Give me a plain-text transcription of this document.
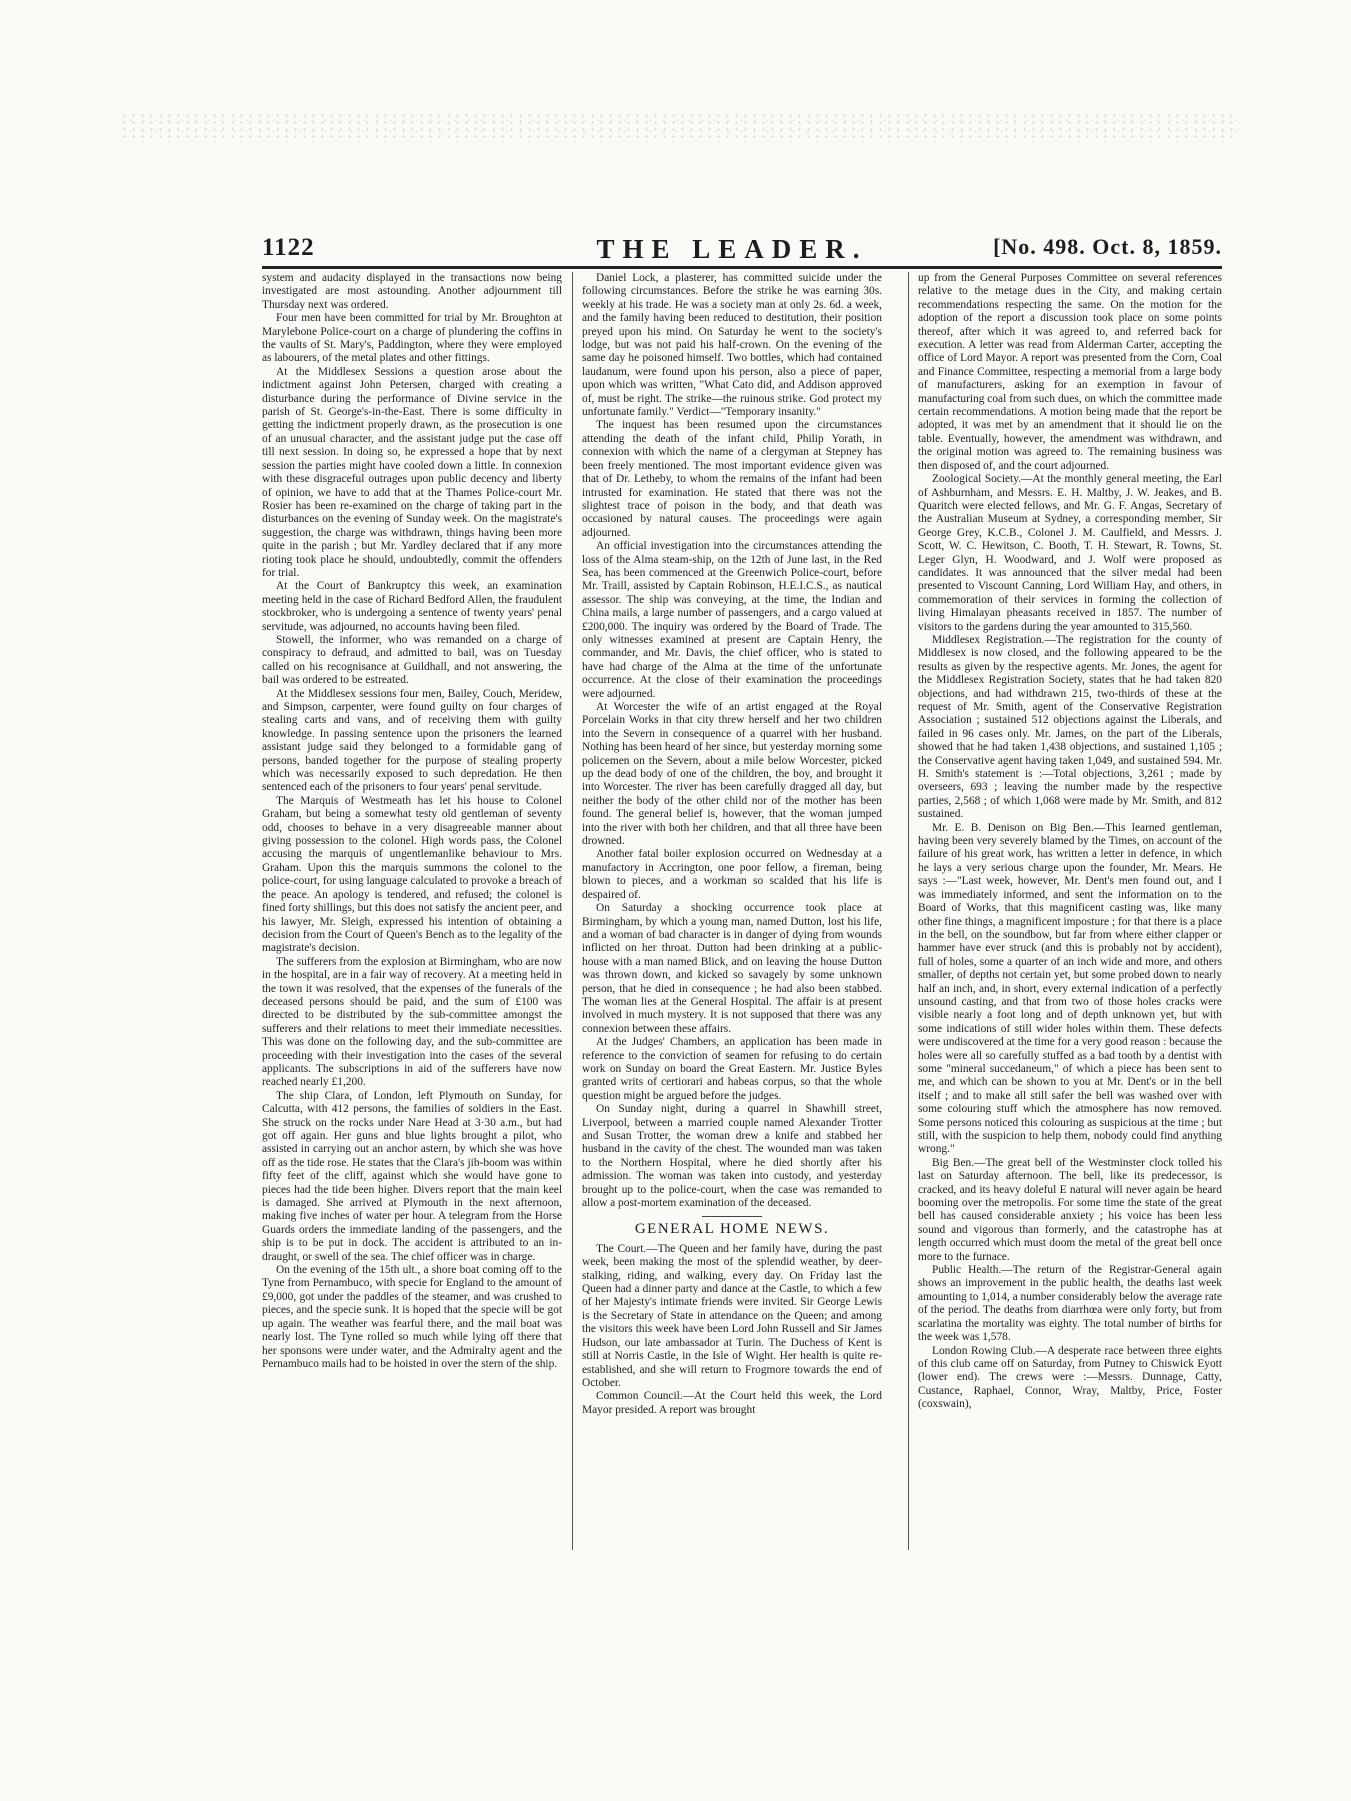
1122	THE LEADER.	[No. 498. Oct. 8, 1859.

system and audacity displayed in the transactions now being investigated are most astounding. Another adjournment till Thursday next was ordered.

Four men have been committed for trial by Mr. Broughton at Marylebone Police-court on a charge of plundering the coffins in the vaults of St. Mary's, Paddington, where they were employed as labourers, of the metal plates and other fittings.

At the Middlesex Sessions a question arose about the indictment against John Petersen, charged with creating a disturbance during the performance of Divine service in the parish of St. George's-in-the-East. There is some difficulty in getting the indictment properly drawn, as the prosecution is one of an unusual character, and the assistant judge put the case off till next session. In doing so, he expressed a hope that by next session the parties might have cooled down a little. In connexion with these disgraceful outrages upon public decency and liberty of opinion, we have to add that at the Thames Police-court Mr. Rosier has been re-examined on the charge of taking part in the disturbances on the evening of Sunday week. On the magistrate's suggestion, the charge was withdrawn, things having been more quite in the parish ; but Mr. Yardley declared that if any more rioting took place he should, undoubtedly, commit the offenders for trial.

At the Court of Bankruptcy this week, an examination meeting held in the case of Richard Bedford Allen, the fraudulent stockbroker, who is undergoing a sentence of twenty years' penal servitude, was adjourned, no accounts having been filed.

Stowell, the informer, who was remanded on a charge of conspiracy to defraud, and admitted to bail, was on Tuesday called on his recognisance at Guildhall, and not answering, the bail was ordered to be estreated.

At the Middlesex sessions four men, Bailey, Couch, Meridew, and Simpson, carpenter, were found guilty on four charges of stealing carts and vans, and of receiving them with guilty knowledge. In passing sentence upon the prisoners the learned assistant judge said they belonged to a formidable gang of persons, banded together for the purpose of stealing property which was necessarily exposed to such depredation. He then sentenced each of the prisoners to four years' penal servitude.

The Marquis of Westmeath has let his house to Colonel Graham, but being a somewhat testy old gentleman of seventy odd, chooses to behave in a very disagreeable manner about giving possession to the colonel. High words pass, the Colonel accusing the marquis of ungentlemanlike behaviour to Mrs. Graham. Upon this the marquis summons the colonel to the police-court, for using language calculated to provoke a breach of the peace. An apology is tendered, and refused; the colonel is fined forty shillings, but this does not satisfy the ancient peer, and his lawyer, Mr. Sleigh, expressed his intention of obtaining a decision from the Court of Queen's Bench as to the legality of the magistrate's decision.

The sufferers from the explosion at Birmingham, who are now in the hospital, are in a fair way of recovery. At a meeting held in the town it was resolved, that the expenses of the funerals of the deceased persons should be paid, and the sum of £100 was directed to be distributed by the sub-committee amongst the sufferers and their relations to meet their immediate necessities. This was done on the following day, and the sub-committee are proceeding with their investigation into the cases of the several applicants. The subscriptions in aid of the sufferers have now reached nearly £1,200.

The ship Clara, of London, left Plymouth on Sunday, for Calcutta, with 412 persons, the families of soldiers in the East. She struck on the rocks under Nare Head at 3·30 a.m., but had got off again. Her guns and blue lights brought a pilot, who assisted in carrying out an anchor astern, by which she was hove off as the tide rose. He states that the Clara's jib-boom was within fifty feet of the cliff, against which she would have gone to pieces had the tide been higher. Divers report that the main keel is damaged. She arrived at Plymouth in the next afternoon, making five inches of water per hour. A telegram from the Horse Guards orders the immediate landing of the passengers, and the ship is to be put in dock. The accident is attributed to an in-draught, or swell of the sea. The chief officer was in charge.

On the evening of the 15th ult., a shore boat coming off to the Tyne from Pernambuco, with specie for England to the amount of £9,000, got under the paddles of the steamer, and was crushed to pieces, and the specie sunk. It is hoped that the specie will be got up again. The weather was fearful there, and the mail boat was nearly lost. The Tyne rolled so much while lying off there that her sponsons were under water, and the Admiralty agent and the Pernambuco mails had to be hoisted in over the stern of the ship.

Daniel Lock, a plasterer, has committed suicide under the following circumstances. Before the strike he was earning 30s. weekly at his trade. He was a society man at only 2s. 6d. a week, and the family having been reduced to destitution, their position preyed upon his mind. On Saturday he went to the society's lodge, but was not paid his half-crown. On the evening of the same day he poisoned himself. Two bottles, which had contained laudanum, were found upon his person, also a piece of paper, upon which was written, "What Cato did, and Addison approved of, must be right. The strike—the ruinous strike. God protect my unfortunate family." Verdict—"Temporary insanity."

The inquest has been resumed upon the circumstances attending the death of the infant child, Philip Yorath, in connexion with which the name of a clergyman at Stepney has been freely mentioned. The most important evidence given was that of Dr. Letheby, to whom the remains of the infant had been intrusted for examination. He stated that there was not the slightest trace of poison in the body, and that death was occasioned by natural causes. The proceedings were again adjourned.

An official investigation into the circumstances attending the loss of the Alma steam-ship, on the 12th of June last, in the Red Sea, has been commenced at the Greenwich Police-court, before Mr. Traill, assisted by Captain Robinson, H.E.I.C.S., as nautical assessor. The ship was conveying, at the time, the Indian and China mails, a large number of passengers, and a cargo valued at £200,000. The inquiry was ordered by the Board of Trade. The only witnesses examined at present are Captain Henry, the commander, and Mr. Davis, the chief officer, who is stated to have had charge of the Alma at the time of the unfortunate occurrence. At the close of their examination the proceedings were adjourned.

At Worcester the wife of an artist engaged at the Royal Porcelain Works in that city threw herself and her two children into the Severn in consequence of a quarrel with her husband. Nothing has been heard of her since, but yesterday morning some policemen on the Severn, about a mile below Worcester, picked up the dead body of one of the children, the boy, and brought it into Worcester. The river has been carefully dragged all day, but neither the body of the other child nor of the mother has been found. The general belief is, however, that the woman jumped into the river with both her children, and that all three have been drowned.

Another fatal boiler explosion occurred on Wednesday at a manufactory in Accrington, one poor fellow, a fireman, being blown to pieces, and a workman so scalded that his life is despaired of.

On Saturday a shocking occurrence took place at Birmingham, by which a young man, named Dutton, lost his life, and a woman of bad character is in danger of dying from wounds inflicted on her throat. Dutton had been drinking at a public-house with a man named Blick, and on leaving the house Dutton was thrown down, and kicked so savagely by some unknown person, that he died in consequence ; he had also been stabbed. The woman lies at the General Hospital. The affair is at present involved in much mystery. It is not supposed that there was any connexion between these affairs.

At the Judges' Chambers, an application has been made in reference to the conviction of seamen for refusing to do certain work on Sunday on board the Great Eastern. Mr. Justice Byles granted writs of certiorari and habeas corpus, so that the whole question might be argued before the judges.

On Sunday night, during a quarrel in Shawhill street, Liverpool, between a married couple named Alexander Trotter and Susan Trotter, the woman drew a knife and stabbed her husband in the cavity of the chest. The wounded man was taken to the Northern Hospital, where he died shortly after his admission. The woman was taken into custody, and yesterday brought up to the police-court, when the case was remanded to allow a post-mortem examination of the deceased.

GENERAL HOME NEWS.

The Court.—The Queen and her family have, during the past week, been making the most of the splendid weather, by deer-stalking, riding, and walking, every day. On Friday last the Queen had a dinner party and dance at the Castle, to which a few of her Majesty's intimate friends were invited. Sir George Lewis is the Secretary of State in attendance on the Queen; and among the visitors this week have been Lord John Russell and Sir James Hudson, our late ambassador at Turin. The Duchess of Kent is still at Norris Castle, in the Isle of Wight. Her health is quite re-established, and she will return to Frogmore towards the end of October.

Common Council.—At the Court held this week, the Lord Mayor presided. A report was brought

up from the General Purposes Committee on several references relative to the metage dues in the City, and making certain recommendations respecting the same. On the motion for the adoption of the report a discussion took place on some points thereof, after which it was agreed to, and referred back for execution. A letter was read from Alderman Carter, accepting the office of Lord Mayor. A report was presented from the Corn, Coal and Finance Committee, respecting a memorial from a large body of manufacturers, asking for an exemption in favour of manufacturing coal from such dues, on which the committee made certain recommendations. A motion being made that the report be adopted, it was met by an amendment that it should lie on the table. Eventually, however, the amendment was withdrawn, and the original motion was agreed to. The remaining business was then disposed of, and the court adjourned.

Zoological Society.—At the monthly general meeting, the Earl of Ashburnham, and Messrs. E. H. Maltby, J. W. Jeakes, and B. Quaritch were elected fellows, and Mr. G. F. Angas, Secretary of the Australian Museum at Sydney, a corresponding member, Sir George Grey, K.C.B., Colonel J. M. Caulfield, and Messrs. J. Scott, W. C. Hewitson, C. Booth, T. H. Stewart, R. Towns, St. Leger Glyn, H. Woodward, and J. Wolf were proposed as candidates. It was announced that the silver medal had been presented to Viscount Canning, Lord William Hay, and others, in commemoration of their services in forming the collection of living Himalayan pheasants received in 1857. The number of visitors to the gardens during the year amounted to 315,560.

Middlesex Registration.—The registration for the county of Middlesex is now closed, and the following appeared to be the results as given by the respective agents. Mr. Jones, the agent for the Middlesex Registration Society, states that he had taken 820 objections, and had withdrawn 215, two-thirds of these at the request of Mr. Smith, agent of the Conservative Registration Association ; sustained 512 objections against the Liberals, and failed in 96 cases only. Mr. James, on the part of the Liberals, showed that he had taken 1,438 objections, and sustained 1,105 ; the Conservative agent having taken 1,049, and sustained 594. Mr. H. Smith's statement is :—Total objections, 3,261 ; made by overseers, 693 ; leaving the number made by the respective parties, 2,568 ; of which 1,068 were made by Mr. Smith, and 812 sustained.

Mr. E. B. Denison on Big Ben.—This learned gentleman, having been very severely blamed by the Times, on account of the failure of his great work, has written a letter in defence, in which he lays a very serious charge upon the founder, Mr. Mears. He says :—"Last week, however, Mr. Dent's men found out, and I was immediately informed, and sent the information on to the Board of Works, that this magnificent casting was, like many other fine things, a magnificent imposture ; for that there is a place in the bell, on the soundbow, but far from where either clapper or hammer have ever struck (and this is probably not by accident), full of holes, some a quarter of an inch wide and more, and others smaller, of depths not certain yet, but some probed down to nearly half an inch, and, in short, every external indication of a perfectly unsound casting, and that from two of those holes cracks were visible nearly a foot long and of depth unknown yet, but with some indications of still wider holes within them. These defects were undiscovered at the time for a very good reason : because the holes were all so carefully stuffed as a bad tooth by a dentist with some "mineral succedaneum," of which a piece has been sent to me, and which can be shown to you at Mr. Dent's or in the bell itself ; and to make all still safer the bell was washed over with some colouring stuff which the atmosphere has now removed. Some persons noticed this colouring as suspicious at the time ; but still, with the suspicion to help them, nobody could find anything wrong."

Big Ben.—The great bell of the Westminster clock tolled his last on Saturday afternoon. The bell, like its predecessor, is cracked, and its heavy doleful E natural will never again be heard booming over the metropolis. For some time the state of the great bell has caused considerable anxiety ; his voice has been less sound and vigorous than formerly, and the catastrophe has at length occurred which must doom the metal of the great bell once more to the furnace.

Public Health.—The return of the Registrar-General again shows an improvement in the public health, the deaths last week amounting to 1,014, a number considerably below the average rate of the period. The deaths from diarrhœa were only forty, but from scarlatina the mortality was eighty. The total number of births for the week was 1,578.

London Rowing Club.—A desperate race between three eights of this club came off on Saturday, from Putney to Chiswick Eyott (lower end). The crews were :—Messrs. Dunnage, Catty, Custance, Raphael, Connor, Wray, Maltby, Price, Foster (coxswain),
